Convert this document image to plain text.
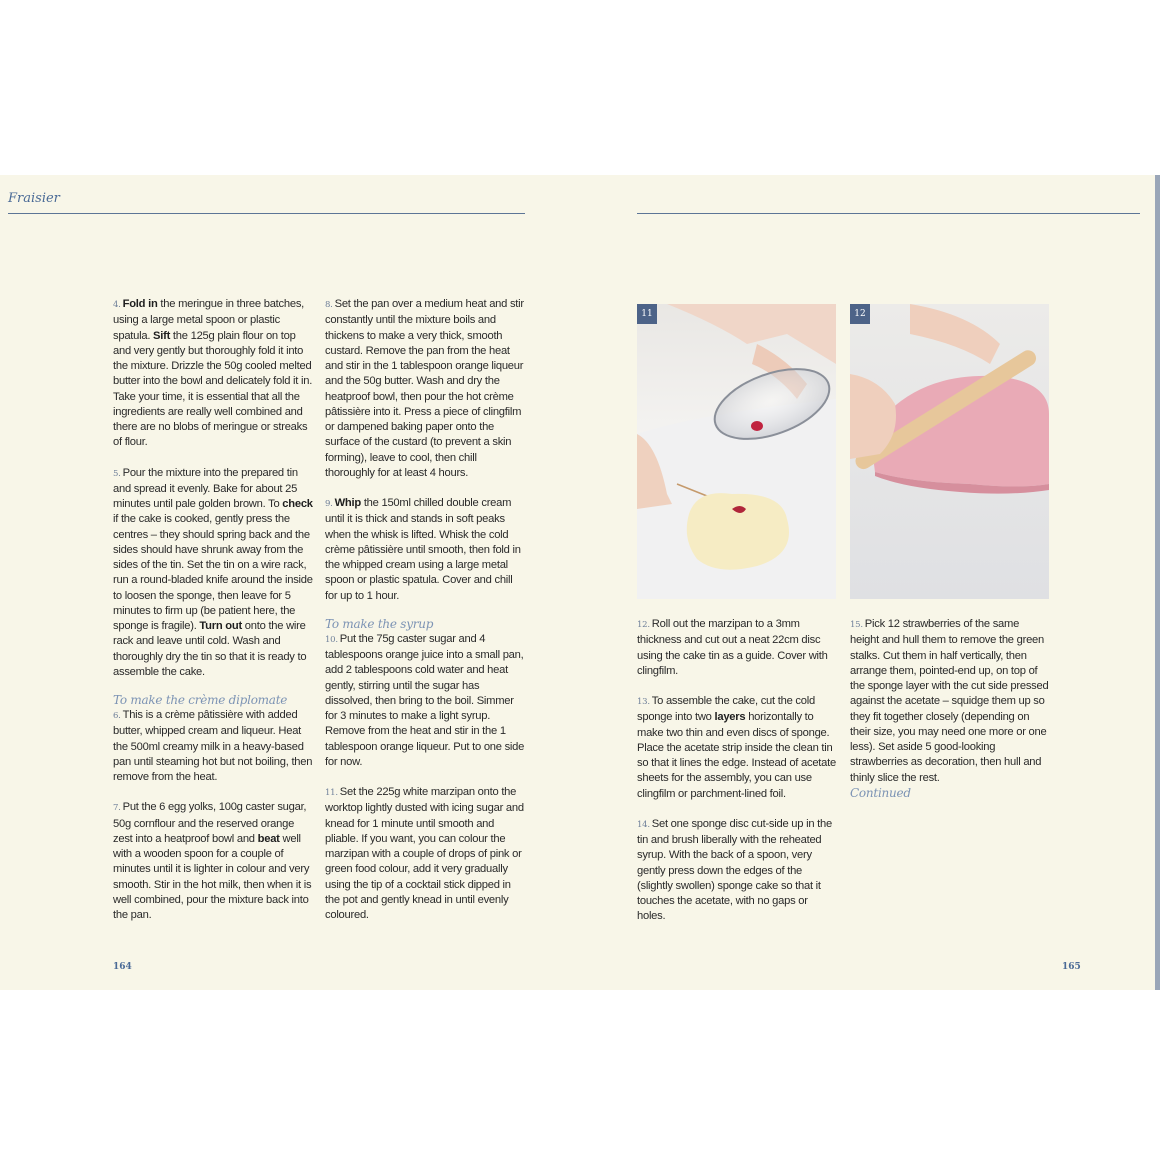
Fraisier

4. Fold in the meringue in three batches, using a large metal spoon or plastic spatula. Sift the 125g plain flour on top and very gently but thoroughly fold it into the mixture. Drizzle the 50g cooled melted butter into the bowl and delicately fold it in. Take your time, it is essential that all the ingredients are really well combined and there are no blobs of meringue or streaks of flour.

5. Pour the mixture into the prepared tin and spread it evenly. Bake for about 25 minutes until pale golden brown. To check if the cake is cooked, gently press the centres – they should spring back and the sides should have shrunk away from the sides of the tin. Set the tin on a wire rack, run a round-bladed knife around the inside to loosen the sponge, then leave for 5 minutes to firm up (be patient here, the sponge is fragile). Turn out onto the wire rack and leave until cold. Wash and thoroughly dry the tin so that it is ready to assemble the cake.

To make the crème diplomate
6. This is a crème pâtissière with added butter, whipped cream and liqueur. Heat the 500ml creamy milk in a heavy-based pan until steaming hot but not boiling, then remove from the heat.

7. Put the 6 egg yolks, 100g caster sugar, 50g cornflour and the reserved orange zest into a heatproof bowl and beat well with a wooden spoon for a couple of minutes until it is lighter in colour and very smooth. Stir in the hot milk, then when it is well combined, pour the mixture back into the pan.

8. Set the pan over a medium heat and stir constantly until the mixture boils and thickens to make a very thick, smooth custard. Remove the pan from the heat and stir in the 1 tablespoon orange liqueur and the 50g butter. Wash and dry the heatproof bowl, then pour the hot crème pâtissière into it. Press a piece of clingfilm or dampened baking paper onto the surface of the custard (to prevent a skin forming), leave to cool, then chill thoroughly for at least 4 hours.

9. Whip the 150ml chilled double cream until it is thick and stands in soft peaks when the whisk is lifted. Whisk the cold crème pâtissière until smooth, then fold in the whipped cream using a large metal spoon or plastic spatula. Cover and chill for up to 1 hour.

To make the syrup
10. Put the 75g caster sugar and 4 tablespoons orange juice into a small pan, add 2 tablespoons cold water and heat gently, stirring until the sugar has dissolved, then bring to the boil. Simmer for 3 minutes to make a light syrup. Remove from the heat and stir in the 1 tablespoon orange liqueur. Put to one side for now.

11. Set the 225g white marzipan onto the worktop lightly dusted with icing sugar and knead for 1 minute until smooth and pliable. If you want, you can colour the marzipan with a couple of drops of pink or green food colour, add it very gradually using the tip of a cocktail stick dipped in the pot and gently knead in until evenly coloured.

164
11	12

12. Roll out the marzipan to a 3mm thickness and cut out a neat 22cm disc using the cake tin as a guide. Cover with clingfilm.

13. To assemble the cake, cut the cold sponge into two layers horizontally to make two thin and even discs of sponge. Place the acetate strip inside the clean tin so that it lines the edge. Instead of acetate sheets for the assembly, you can use clingfilm or parchment-lined foil.

14. Set one sponge disc cut-side up in the tin and brush liberally with the reheated syrup. With the back of a spoon, very gently press down the edges of the (slightly swollen) sponge cake so that it touches the acetate, with no gaps or holes.

15. Pick 12 strawberries of the same height and hull them to remove the green stalks. Cut them in half vertically, then arrange them, pointed-end up, on top of the sponge layer with the cut side pressed against the acetate – squidge them up so they fit together closely (depending on their size, you may need one more or one less). Set aside 5 good-looking strawberries as decoration, then hull and thinly slice the rest.

Continued
165
